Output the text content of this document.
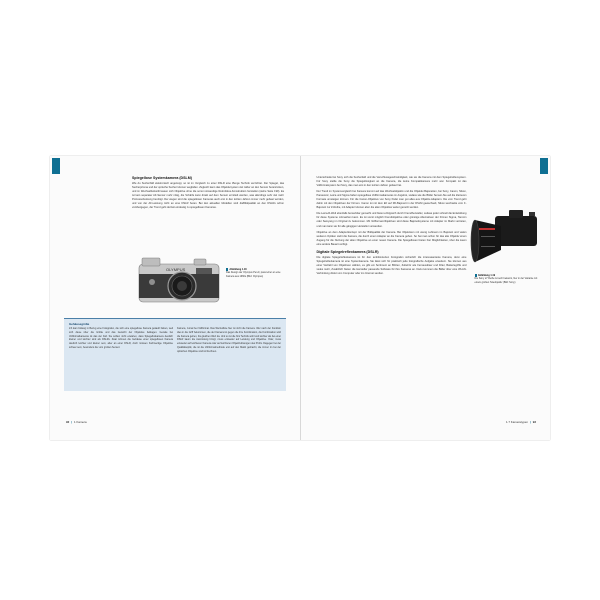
Spiegellose Systemkamera (DSLM)

Wie du Sucherbild elektronisch angezeigt, so ist im Vergleich zu einer DSLR eine iffenge Technik verzichtet. Der Spiegel, das Sucherprisma und der optische Sucher können wegfallen. Zugleich kann das Objektivsystem viel näher an den Sensor heranrücken, und im Wechselbefestilt lassen sich Objektive ohne die sonst notwendige Retrofokus-Konstruktion herstellen (siehe Seite 199). Es ist kein separater AF-Sensor mehr nötig, die Schärfe kann direkt auf dem Sensor ermittelt werden, was allerdings sehr viel mehr Prozessorleistung benötigt. Der wegen sind die spiegellosen Kameras auch erst in den letzten Jahren immer mehr gebaut worden, und von der AF-Leistung nicht an eine DSLR heran. Bei den aktuellen Modellen sind dieBildqualität an den DSLRs schon vorübergegen, der Trend geht derzeit eindeutig zu spiegellosen Kameras.

OLYMPUS	Abbildung 1.18
Das Design der Olympus Pen-F, passt eher an eine Kamera aus 1960s (Bild: Olympus)
Gehäusegröße
Ich kam bislang in Bezug eine Fotografen, die sich eine spiegellose Kamera gekauft haben, weil sich diese über die Größe und das Gewicht der Objektive beklagen. Gerade bei Vollformatkameras ist das der Fall. Sie sollten nicht erwarten, dass Spiegelloskamera deutlich kleiner und leichter sind als DSLRs. Zwar können die Gehäuse einer spiegellosen Kamera deutlich leichter und kleiner sein, aber an einer DSLR, doch müssen hochwertige Objektive schwer sein, besonders die vom großen Sensor.
Kamera, zumal bei Vollformat. Das Wertvollste hier ist nicht die Kamera. Wer nach der Funktion dies in die Griff bekommen, die der Kamera ist gegen die ihre Kombination, die Kombination wird die Kamera gehen, bis gleichen Wert da. Und so ist die fürs Technik wohl und leichter als bei einer DSLR kaum die Ausrüstung bringt, muss entweder auf Leistung und Objektive. Oder, muss entweder auf leichteren Kamera oder auf leichteren Objektivlösungen des Profis. Dagegen bei der Qualitätsoptik, die ist die Vollformatmethode erst auf den Markt gebracht, die immer im bei der optischen Objektive sind ist Rechnen.
92 | 1 Kamera

Unterschiede bei Sony sich die Sucherfeld und die Verschlussgeschwindigkeit, wie sie die Kamera mit dem Spiegelreflexsystem. Für Sony stellte die Sony die Spiegellosigkeit an die Kamera, die keine Kompaktkamera mehr war. Kompakt ist das Vollformatsystem bei Sony, das man erst in den letzten Jahren gebaut hat.

Der Trend im Systemvergleich bei Kamera kommt auf das Wechselobjektiv und die Objektiv-Bajonetten, bei Sony, Canon, Nikon, Panasonic, Leica und Sigma haben spiegellose Vollformatkameras im Angebot, sodass wie die Bilder Sensor-Sie auf die kleineren Formate umsteigen können. Für die Canon-Objektive von Sony findet man gut alles aus Objektiv-Adaptern. Die vom Trend geht dahin mit den Objektiven der Firmen. Canon ist mit dem EF auf RF-Bajonett in der DSLM gewechselt, Nikon wechselte vom F-Bajonett zur Z-Reihe, mit Adapter können aber die alten Objektive weiter genutzt werden.

Die Leica-R-Welt ebenfalls bemerkbar gemacht und bietet erfolgreich durch Fremdhersteller, sodass jeder schnell die Entwicklung für diese Systeme mitmachen kann. Es ist somit möglich Fremdobjektive oder günstige Alternativen der Firmen Sigma, Tamron oder Samyang im Original zu bekommen. Mit Vollformat-Objektiven sind diese Bajonettsysteme mit Adapter im Markt vertreten, und man kann sie für alle gängigen Hersteller verwenden.

Objektive an dem Adapterkonzept mit der Bildqualität der Kamera. Bei Objektiven mit wenig Luftraum im Bajonett und vielen weiteren Optiken steht die Kamera, die durch einen Adapter an die Kamera gehen. So hat man schon für das alte Objektiv einen Zugang für die Nutzung der alten Objektive an einer neuen Kamera. Die Spiegellosen bieten hier Möglichkeiten, über die kaum eine andere Bauart verfügt.

Digitale Spiegelreflexkamera (DSLR)

Die digitale Spiegelreflexkamera ist für den ambitionierten Fotografen sicherlich die interessanteste Kamera, denn eine Spiegelreflexkamera ist eine Systemkamera. Sie lässt sich für praktisch jede fotografische Aufgabe erweitern. Sie können aus einer Vielzahl von Objektiven wählen, es gibt ein Sortiment an Blitzen, Zubehör wie Fernauslöser und Filter, Batteriegriffe und vieles mehr, Zusätzlich bieten die Hersteller passende Software für ihre Kameras an. Dazu kommen die Bilder über eine WLAN-Verbindung direkt vom Computer oder ins Internet senden.

Abbildung 1.19
Die Sony α7 Reihe ist sehr bekannt, hier in der Variante mit einem großen Teleobjektiv (Bild: Sony)
1.7 Kameratypen | 93
